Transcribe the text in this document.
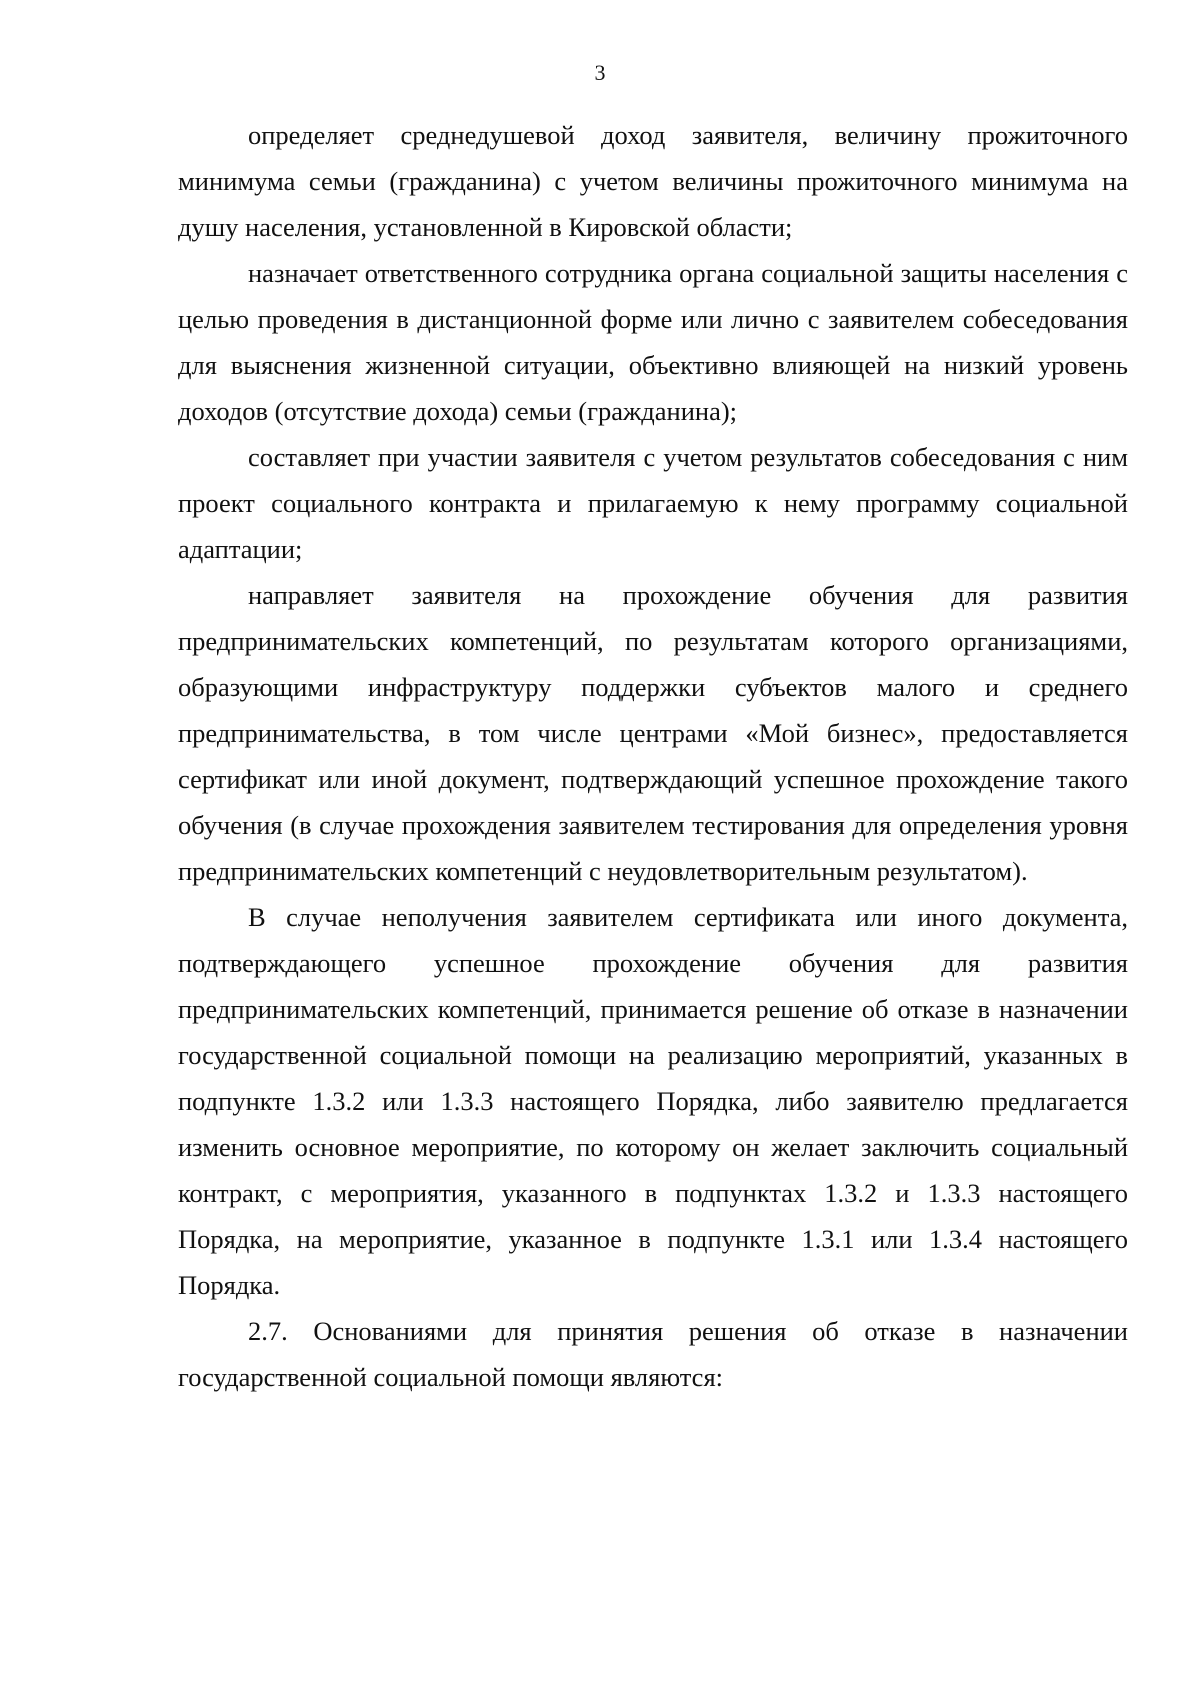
3

определяет среднедушевой доход заявителя, величину прожиточного минимума семьи (гражданина) с учетом величины прожиточного минимума на душу населения, установленной в Кировской области;

назначает ответственного сотрудника органа социальной защиты населения с целью проведения в дистанционной форме или лично с заявителем собеседования для выяснения жизненной ситуации, объективно влияющей на низкий уровень доходов (отсутствие дохода) семьи (гражданина);

составляет при участии заявителя с учетом результатов собеседования с ним проект социального контракта и прилагаемую к нему программу социальной адаптации;

направляет заявителя на прохождение обучения для развития предпринимательских компетенций, по результатам которого организациями, образующими инфраструктуру поддержки субъектов малого и среднего предпринимательства, в том числе центрами «Мой бизнес», предоставляется сертификат или иной документ, подтверждающий успешное прохождение такого обучения (в случае прохождения заявителем тестирования для определения уровня предпринимательских компетенций с неудовлетворительным результатом).

В случае неполучения заявителем сертификата или иного документа, подтверждающего успешное прохождение обучения для развития предпринимательских компетенций, принимается решение об отказе в назначении государственной социальной помощи на реализацию мероприятий, указанных в подпункте 1.3.2 или 1.3.3 настоящего Порядка, либо заявителю предлагается изменить основное мероприятие, по которому он желает заключить социальный контракт, с мероприятия, указанного в подпунктах 1.3.2 и 1.3.3 настоящего Порядка, на мероприятие, указанное в подпункте 1.3.1 или 1.3.4 настоящего Порядка.

2.7. Основаниями для принятия решения об отказе в назначении государственной социальной помощи являются:
